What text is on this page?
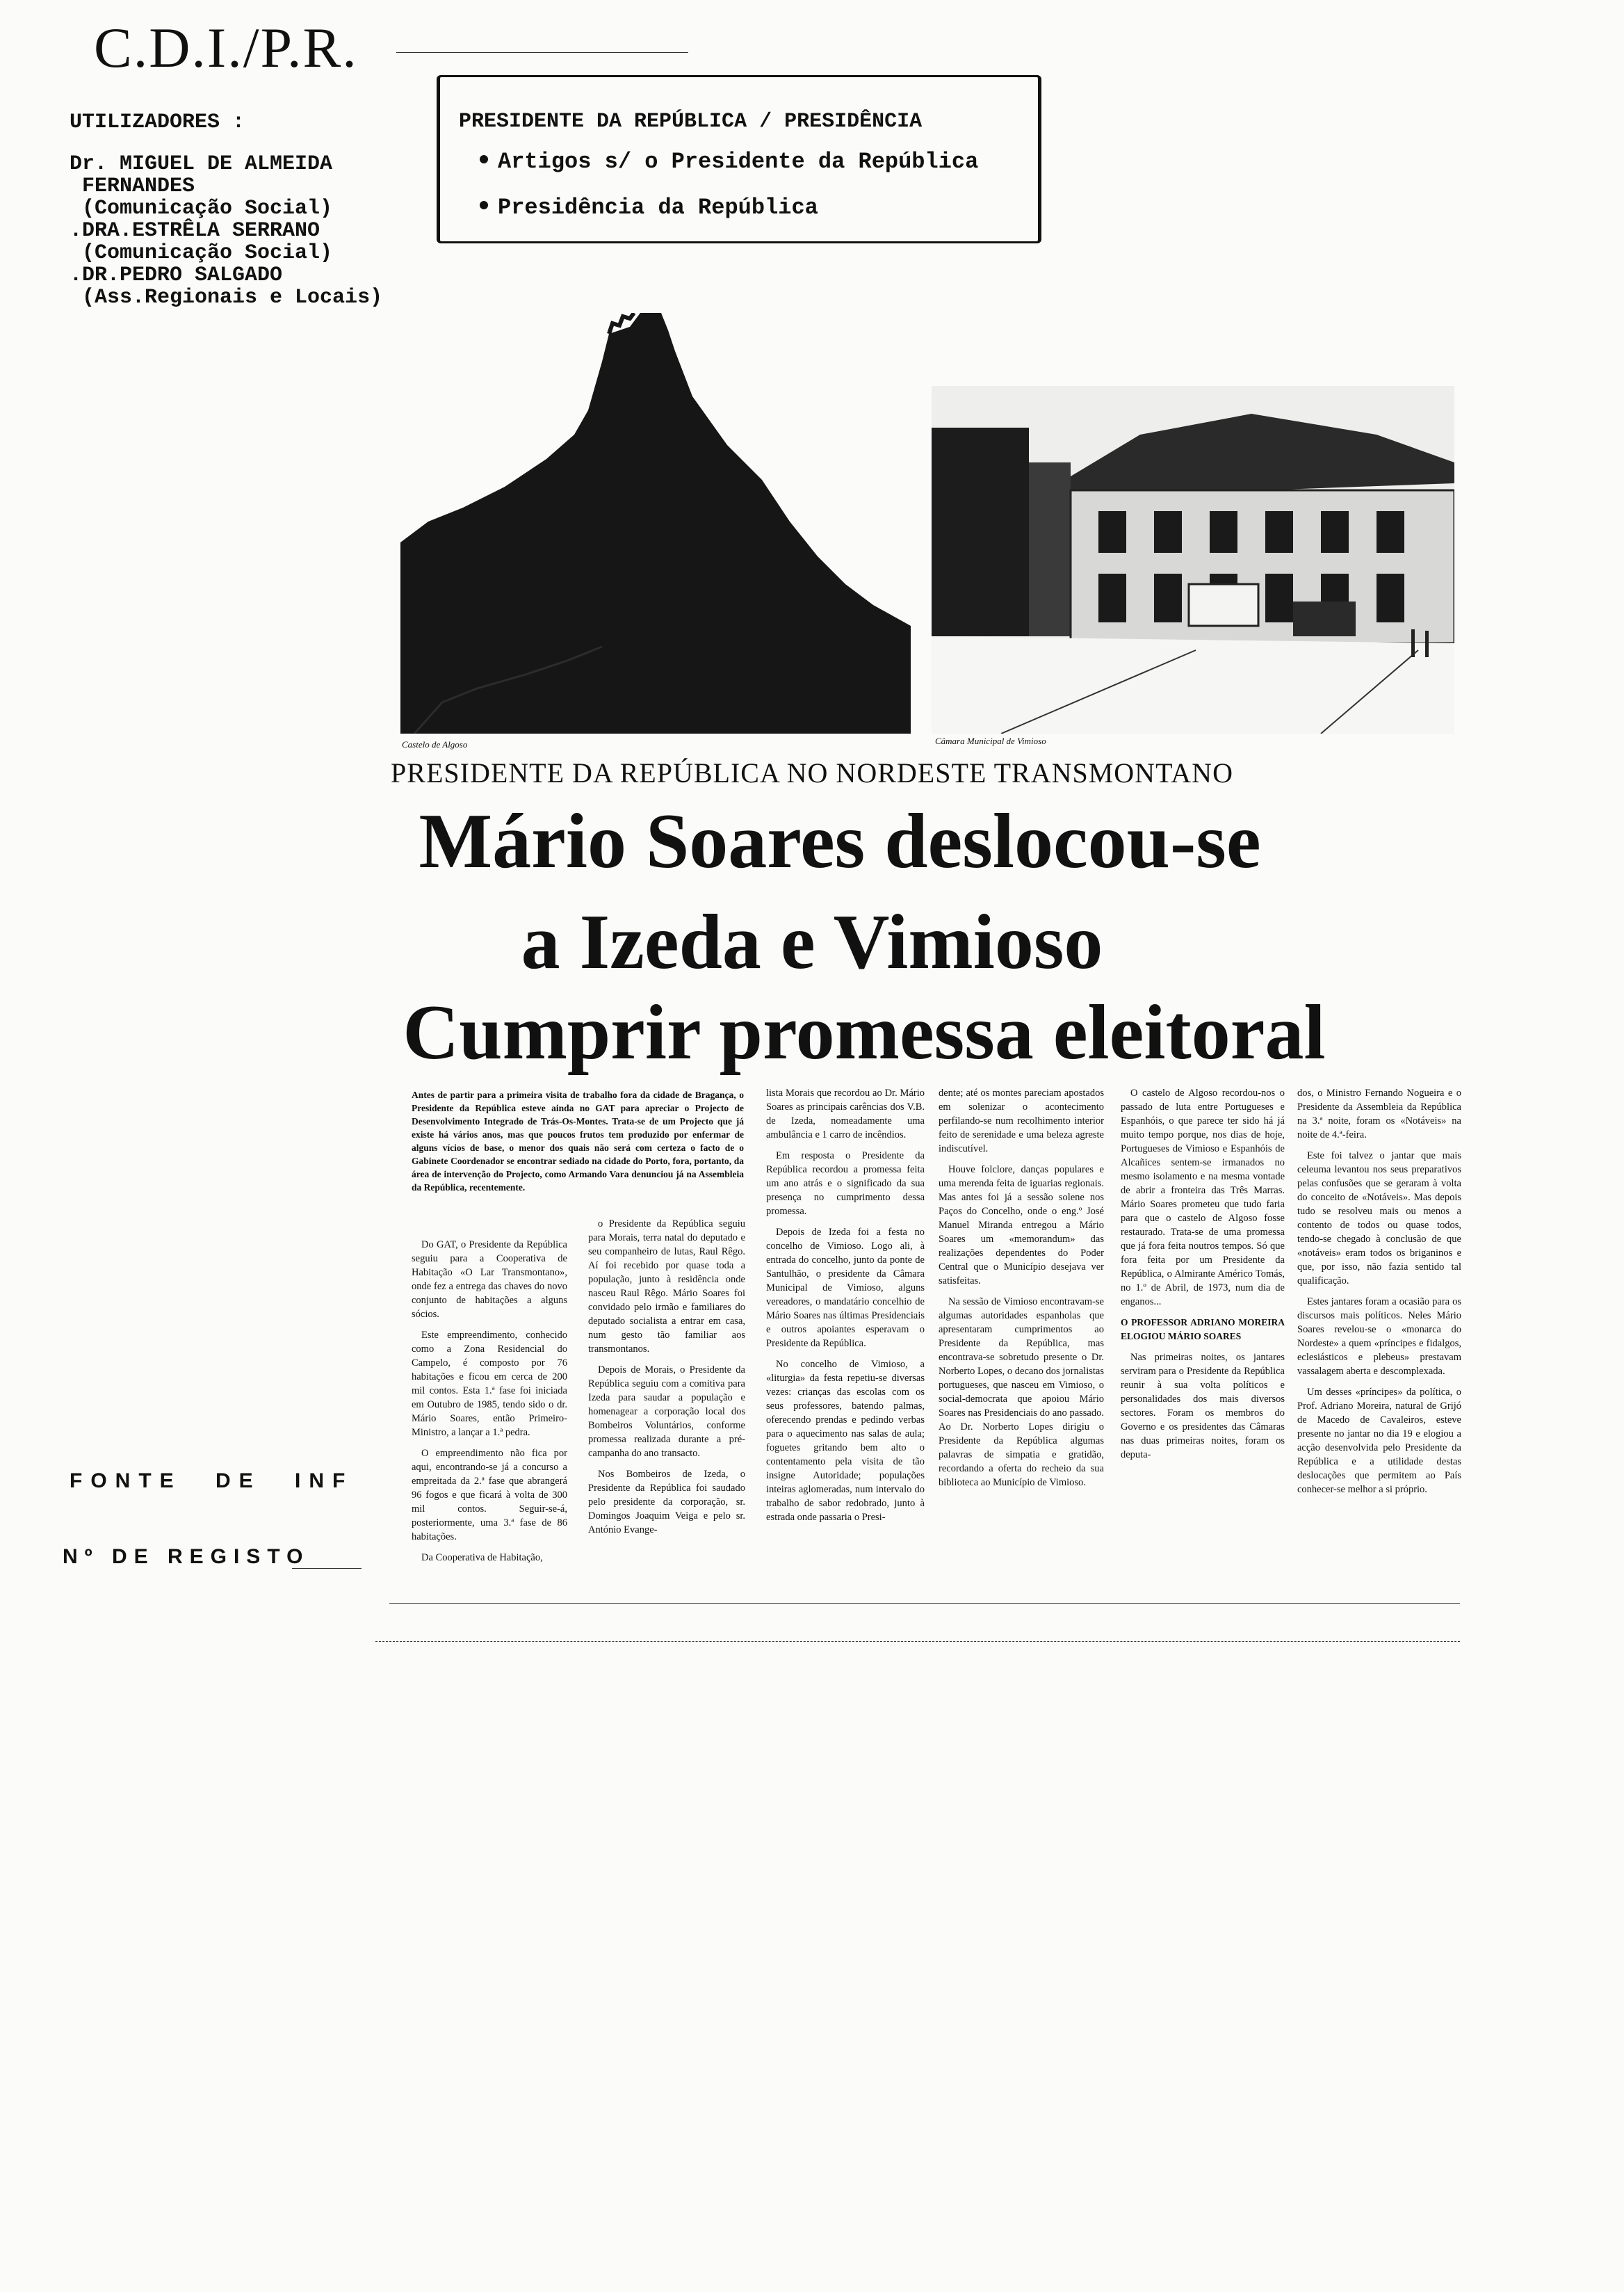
C.D.I./P.R.
UTILIZADORES :
Dr. MIGUEL DE ALMEIDA
FERNANDES
(Comunicação Social)
.DRA.ESTRÊLA SERRANO
(Comunicação Social)
.DR.PEDRO SALGADO
(Ass.Regionais e Locais)
PRESIDENTE DA REPÚBLICA / PRESIDÊNCIA
Artigos s/ o Presidente da República
Presidência da República
Castelo de Algoso	Câmara Municipal de Vimioso
PRESIDENTE DA REPÚBLICA NO NORDESTE TRANSMONTANO
Mário Soares deslocou-se
a Izeda e Vimioso
Cumprir promessa eleitoral

Antes de partir para a primeira visita de trabalho fora da cidade de Bragança, o Presidente da República esteve ainda no GAT para apreciar o Projecto de Desenvolvimento Integrado de Trás-Os-Montes. Trata-se de um Projecto que já existe há vários anos, mas que poucos frutos tem produzido por enfermar de alguns vícios de base, o menor dos quais não será com certeza o facto de o Gabinete Coordenador se encontrar sediado na cidade do Porto, fora, portanto, da área de intervenção do Projecto, como Armando Vara denunciou já na Assembleia da República, recentemente.

Do GAT, o Presidente da República seguiu para a Cooperativa de Habitação «O Lar Transmontano», onde fez a entrega das chaves do novo conjunto de habitações a alguns sócios.

Este empreendimento, conhecido como a Zona Residencial do Campelo, é composto por 76 habitações e ficou em cerca de 200 mil contos. Esta 1.ª fase foi iniciada em Outubro de 1985, tendo sido o dr. Mário Soares, então Primeiro-Ministro, a lançar a 1.ª pedra.

O empreendimento não fica por aqui, encontrando-se já a concurso a empreitada da 2.ª fase que abrangerá 96 fogos e que ficará à volta de 300 mil contos. Seguir-se-á, posteriormente, uma 3.ª fase de 86 habitações.

Da Cooperativa de Habitação,

o Presidente da República seguiu para Morais, terra natal do deputado e seu companheiro de lutas, Raul Rêgo. Aí foi recebido por quase toda a população, junto à residência onde nasceu Raul Rêgo. Mário Soares foi convidado pelo irmão e familiares do deputado socialista a entrar em casa, num gesto tão familiar aos transmontanos.

Depois de Morais, o Presidente da República seguiu com a comitiva para Izeda para saudar a população e homenagear a corporação local dos Bombeiros Voluntários, conforme promessa realizada durante a pré-campanha do ano transacto.

Nos Bombeiros de Izeda, o Presidente da República foi saudado pelo presidente da corporação, sr. Domingos Joaquim Veiga e pelo sr. António Evange-

lista Morais que recordou ao Dr. Mário Soares as principais carências dos V.B. de Izeda, nomeadamente uma ambulância e 1 carro de incêndios.

Em resposta o Presidente da República recordou a promessa feita um ano atrás e o significado da sua presença no cumprimento dessa promessa.

Depois de Izeda foi a festa no concelho de Vimioso. Logo ali, à entrada do concelho, junto da ponte de Santulhão, o presidente da Câmara Municipal de Vimioso, alguns vereadores, o mandatário concelhio de Mário Soares nas últimas Presidenciais e outros apoiantes esperavam o Presidente da República.

No concelho de Vimioso, a «liturgia» da festa repetiu-se diversas vezes: crianças das escolas com os seus professores, batendo palmas, oferecendo prendas e pedindo verbas para o aquecimento nas salas de aula; foguetes gritando bem alto o contentamento pela visita de tão insigne Autoridade; populações inteiras aglomeradas, num intervalo do trabalho de sabor redobrado, junto à estrada onde passaria o Presi-

dente; até os montes pareciam apostados em solenizar o acontecimento perfilando-se num recolhimento interior feito de serenidade e uma beleza agreste indiscutível.

Houve folclore, danças populares e uma merenda feita de iguarias regionais. Mas antes foi já a sessão solene nos Paços do Concelho, onde o eng.º José Manuel Miranda entregou a Mário Soares um «memorandum» das realizações dependentes do Poder Central que o Município desejava ver satisfeitas.

Na sessão de Vimioso encontravam-se algumas autoridades espanholas que apresentaram cumprimentos ao Presidente da República, mas encontrava-se sobretudo presente o Dr. Norberto Lopes, o decano dos jornalistas portugueses, que nasceu em Vimioso, o social-democrata que apoiou Mário Soares nas Presidenciais do ano passado. Ao Dr. Norberto Lopes dirigiu o Presidente da República algumas palavras de simpatia e gratidão, recordando a oferta do recheio da sua biblioteca ao Município de Vimioso.

O castelo de Algoso recordou-nos o passado de luta entre Portugueses e Espanhóis, o que parece ter sido há já muito tempo porque, nos dias de hoje, Portugueses de Vimioso e Espanhóis de Alcañices sentem-se irmanados no mesmo isolamento e na mesma vontade de abrir a fronteira das Três Marras. Mário Soares prometeu que tudo faria para que o castelo de Algoso fosse restaurado. Trata-se de uma promessa que já fora feita noutros tempos. Só que fora feita por um Presidente da República, o Almirante Américo Tomás, no 1.º de Abril, de 1973, num dia de enganos...

O PROFESSOR ADRIANO MOREIRA ELOGIOU MÁRIO SOARES

Nas primeiras noites, os jantares serviram para o Presidente da República reunir à sua volta políticos e personalidades dos mais diversos sectores. Foram os membros do Governo e os presidentes das Câmaras nas duas primeiras noites, foram os deputa-

dos, o Ministro Fernando Nogueira e o Presidente da Assembleia da República na 3.ª noite, foram os «Notáveis» na noite de 4.ª-feira.

Este foi talvez o jantar que mais celeuma levantou nos seus preparativos pelas confusões que se geraram à volta do conceito de «Notáveis». Mas depois tudo se resolveu mais ou menos a contento de todos ou quase todos, tendo-se chegado à conclusão de que «notáveis» eram todos os briganinos e que, por isso, não fazia sentido tal qualificação.

Estes jantares foram a ocasião para os discursos mais políticos. Neles Mário Soares revelou-se o «monarca do Nordeste» a quem «príncipes e fidalgos, eclesiásticos e plebeus» prestavam vassalagem aberta e descomplexada.

Um desses «príncipes» da política, o Prof. Adriano Moreira, natural de Grijó de Macedo de Cavaleiros, esteve presente no jantar no dia 19 e elogiou a acção desenvolvida pelo Presidente da República e a utilidade destas deslocações que permitem ao País conhecer-se melhor a si próprio.

FONTE DE INF
Nº DE REGISTO
